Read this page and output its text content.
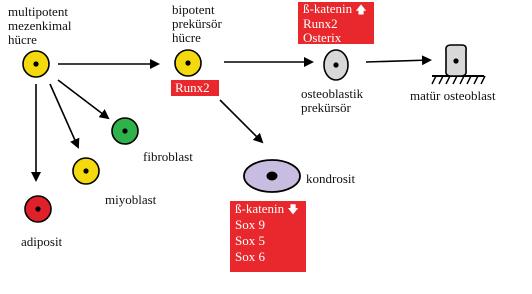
multipotent
mezenkimal
hücre
bipotent
prekürsör
hücre
osteoblastik
prekürsör
matür osteoblast
fibroblast
miyoblast
adiposit
kondrosit
ß-katenin 🡅
Runx2
Osterix
Runx2
ß-katenin 🡇
Sox 9
Sox 5
Sox 6
